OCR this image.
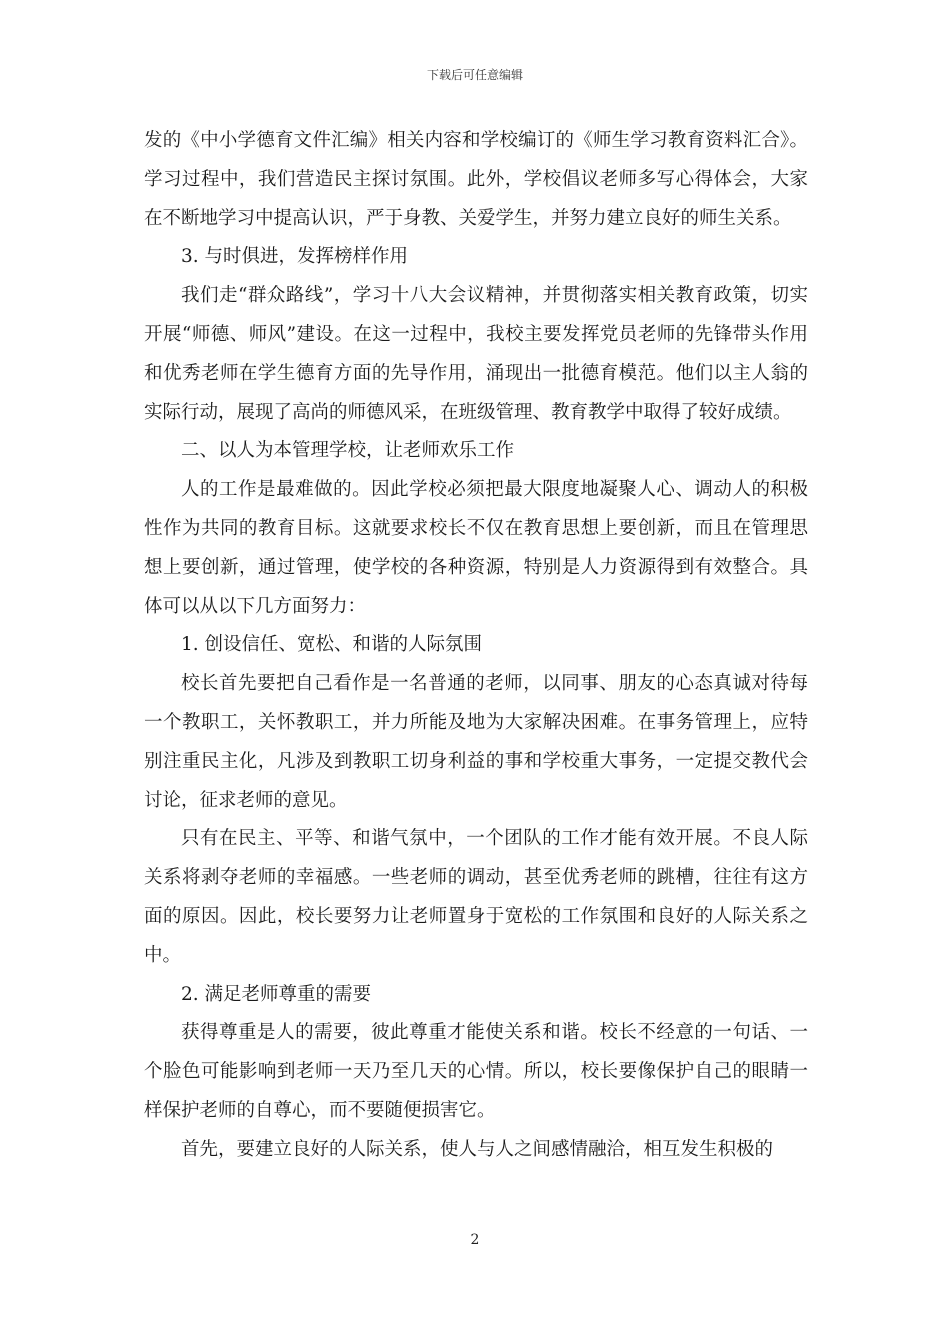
下载后可任意编辑

发的《中小学德育文件汇编》相关内容和学校编订的《师生学习教育资料汇合》。学习过程中，我们营造民主探讨氛围。此外，学校倡议老师多写心得体会，大家在不断地学习中提高认识，严于身教、关爱学生，并努力建立良好的师生关系。

3. 与时俱进，发挥榜样作用

我们走“群众路线”，学习十八大会议精神，并贯彻落实相关教育政策，切实开展“师德、师风”建设。在这一过程中，我校主要发挥党员老师的先锋带头作用和优秀老师在学生德育方面的先导作用，涌现出一批德育模范。他们以主人翁的实际行动，展现了高尚的师德风采，在班级管理、教育教学中取得了较好成绩。

二、以人为本管理学校，让老师欢乐工作

人的工作是最难做的。因此学校必须把最大限度地凝聚人心、调动人的积极性作为共同的教育目标。这就要求校长不仅在教育思想上要创新，而且在管理思想上要创新，通过管理，使学校的各种资源，特别是人力资源得到有效整合。具体可以从以下几方面努力：

1. 创设信任、宽松、和谐的人际氛围

校长首先要把自己看作是一名普通的老师，以同事、朋友的心态真诚对待每一个教职工，关怀教职工，并力所能及地为大家解决困难。在事务管理上，应特别注重民主化，凡涉及到教职工切身利益的事和学校重大事务，一定提交教代会讨论，征求老师的意见。

只有在民主、平等、和谐气氛中，一个团队的工作才能有效开展。不良人际关系将剥夺老师的幸福感。一些老师的调动，甚至优秀老师的跳槽，往往有这方面的原因。因此，校长要努力让老师置身于宽松的工作氛围和良好的人际关系之中。

2. 满足老师尊重的需要

获得尊重是人的需要，彼此尊重才能使关系和谐。校长不经意的一句话、一个脸色可能影响到老师一天乃至几天的心情。所以，校长要像保护自己的眼睛一样保护老师的自尊心，而不要随便损害它。

首先，要建立良好的人际关系，使人与人之间感情融洽，相互发生积极的

2
